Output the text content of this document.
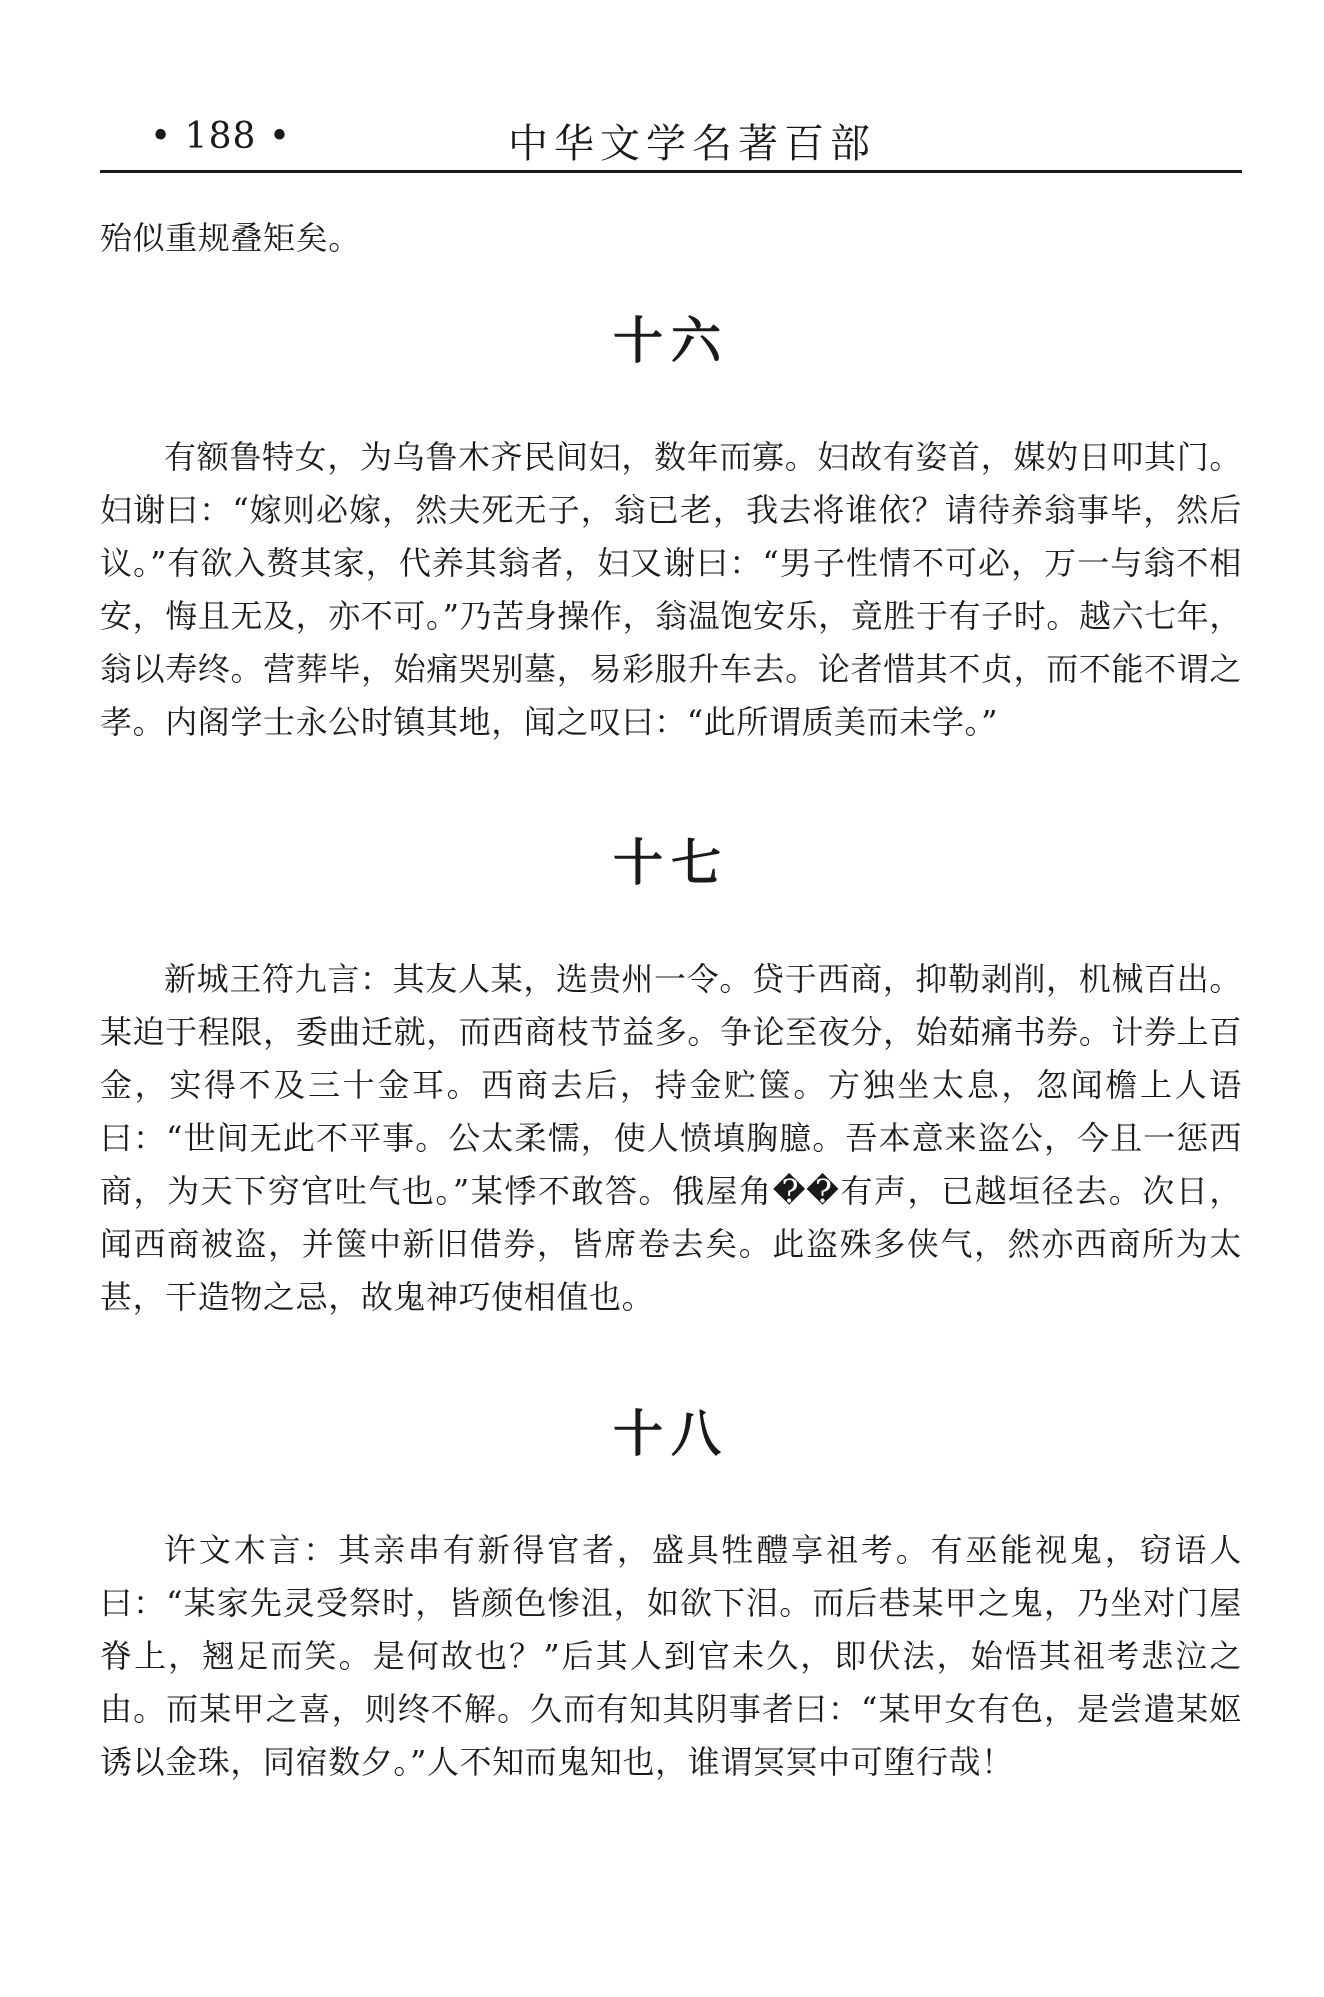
• 188 •	中华文学名著百部

殆似重规叠矩矣。

十六

有额鲁特女，为乌鲁木齐民间妇，数年而寡。妇故有姿首，媒妁日叩其门。妇谢曰：“嫁则必嫁，然夫死无子，翁已老，我去将谁依？请待养翁事毕，然后议。”有欲入赘其家，代养其翁者，妇又谢曰：“男子性情不可必，万一与翁不相安，悔且无及，亦不可。”乃苦身操作，翁温饱安乐，竟胜于有子时。越六七年，翁以寿终。营葬毕，始痛哭别墓，易彩服升车去。论者惜其不贞，而不能不谓之孝。内阁学士永公时镇其地，闻之叹曰：“此所谓质美而未学。”

十七

新城王符九言：其友人某，选贵州一令。贷于西商，抑勒剥削，机械百出。某迫于程限，委曲迁就，而西商枝节益多。争论至夜分，始茹痛书券。计券上百金，实得不及三十金耳。西商去后，持金贮箧。方独坐太息，忽闻檐上人语曰：“世间无此不平事。公太柔懦，使人愤填胸臆。吾本意来盗公，今且一惩西商，为天下穷官吐气也。”某悸不敢答。俄屋角��有声，已越垣径去。次日，闻西商被盗，并箧中新旧借券，皆席卷去矣。此盗殊多侠气，然亦西商所为太甚，干造物之忌，故鬼神巧使相值也。

十八

许文木言：其亲串有新得官者，盛具牲醴享祖考。有巫能视鬼，窃语人曰：“某家先灵受祭时，皆颜色惨沮，如欲下泪。而后巷某甲之鬼，乃坐对门屋脊上，翘足而笑。是何故也？”后其人到官未久，即伏法，始悟其祖考悲泣之由。而某甲之喜，则终不解。久而有知其阴事者曰：“某甲女有色，是尝遣某妪诱以金珠，同宿数夕。”人不知而鬼知也，谁谓冥冥中可堕行哉！
